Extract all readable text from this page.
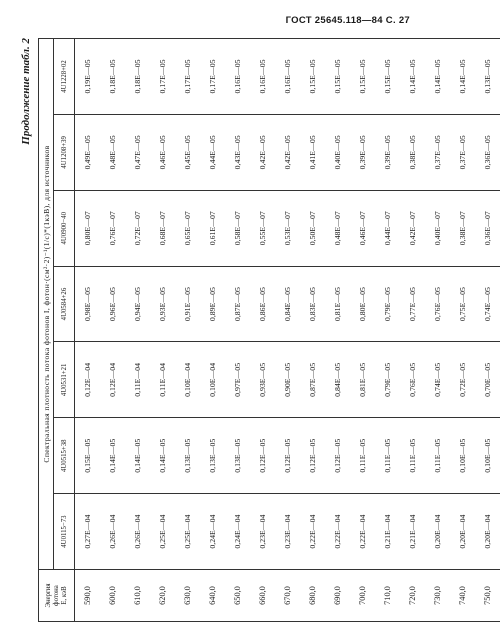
ГОСТ 25645.118—84 С. 27
Продолжение табл. 2
Энергия фотона Е, кэВ	Спектральная плотность потока фотонов I, фотон·(см²·2)⁻¹(1/с)*(1кэВ), для источников						
	4U0115−73	4U0515+38	4U0531+21	4U0584+26	4U0900−40	4U1208+39	4U1228+02
590,0	0,27E—04	0,15E—05	0,12E—04	0,98E—05	0,80E—07	0,49E—05	0,19E—05
600,0	0,26E—04	0,14E—05	0,12E—04	0,96E—05	0,76E—07	0,48E—05	0,18E—05
610,0	0,26E—04	0,14E—05	0,11E—04	0,94E—05	0,72E—07	0,47E—05	0,18E—05
620,0	0,25E—04	0,14E—05	0,11E—04	0,93E—05	0,68E—07	0,46E—05	0,17E—05
630,0	0,25E—04	0,13E—05	0,10E—04	0,91E—05	0,65E—07	0,45E—05	0,17E—05
640,0	0,24E—04	0,13E—05	0,10E—04	0,89E—05	0,61E—07	0,44E—05	0,17E—05
650,0	0,24E—04	0,13E—05	0,97E—05	0,87E—05	0,58E—07	0,43E—05	0,16E—05
660,0	0,23E—04	0,12E—05	0,93E—05	0,86E—05	0,55E—07	0,42E—05	0,16E—05
670,0	0,23E—04	0,12E—05	0,90E—05	0,84E—05	0,53E—07	0,42E—05	0,16E—05
680,0	0,22E—04	0,12E—05	0,87E—05	0,83E—05	0,50E—07	0,41E—05	0,15E—05
690,0	0,22E—04	0,12E—05	0,84E—05	0,81E—05	0,48E—07	0,40E—05	0,15E—05
700,0	0,22E—04	0,11E—05	0,81E—05	0,80E—05	0,46E—07	0,39E—05	0,15E—05
710,0	0,21E—04	0,11E—05	0,79E—05	0,79E—05	0,44E—07	0,39E—05	0,15E—05
720,0	0,21E—04	0,11E—05	0,76E—05	0,77E—05	0,42E—07	0,38E—05	0,14E—05
730,0	0,20E—04	0,11E—05	0,74E—05	0,76E—05	0,40E—07	0,37E—05	0,14E—05
740,0	0,20E—04	0,10E—05	0,72E—05	0,75E—05	0,38E—07	0,37E—05	0,14E—05
750,0	0,20E—04	0,10E—05	0,70E—05	0,74E—05	0,36E—07	0,36E—05	0,13E—05
